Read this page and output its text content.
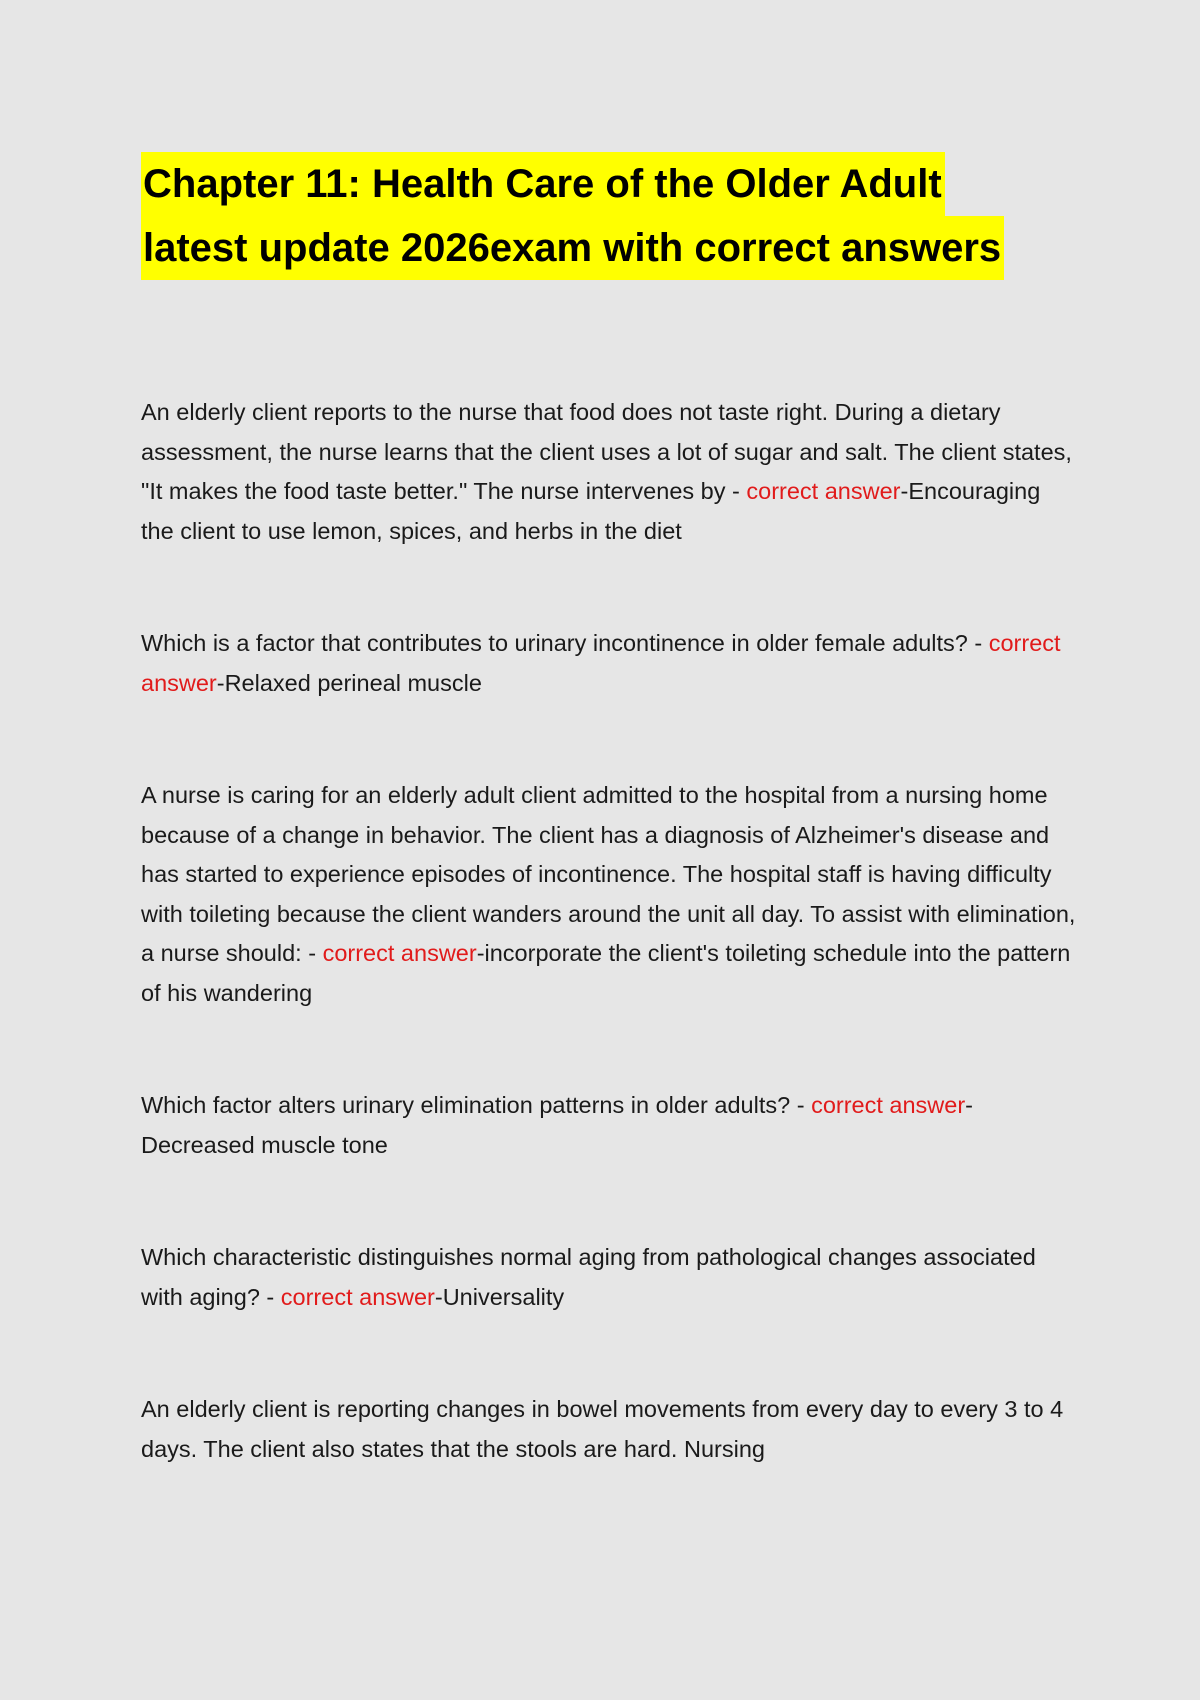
Chapter 11: Health Care of the Older Adult
latest update 2026exam with correct answers

An elderly client reports to the nurse that food does not taste right. During a dietary assessment, the nurse learns that the client uses a lot of sugar and salt. The client states, "It makes the food taste better." The nurse intervenes by - correct answer-Encouraging the client to use lemon, spices, and herbs in the diet

Which is a factor that contributes to urinary incontinence in older female adults? - correct answer-Relaxed perineal muscle

A nurse is caring for an elderly adult client admitted to the hospital from a nursing home because of a change in behavior. The client has a diagnosis of Alzheimer's disease and has started to experience episodes of incontinence. The hospital staff is having difficulty with toileting because the client wanders around the unit all day. To assist with elimination, a nurse should: - correct answer-incorporate the client's toileting schedule into the pattern of his wandering

Which factor alters urinary elimination patterns in older adults? - correct answer-Decreased muscle tone

Which characteristic distinguishes normal aging from pathological changes associated with aging? - correct answer-Universality

An elderly client is reporting changes in bowel movements from every day to every 3 to 4 days. The client also states that the stools are hard. Nursing
